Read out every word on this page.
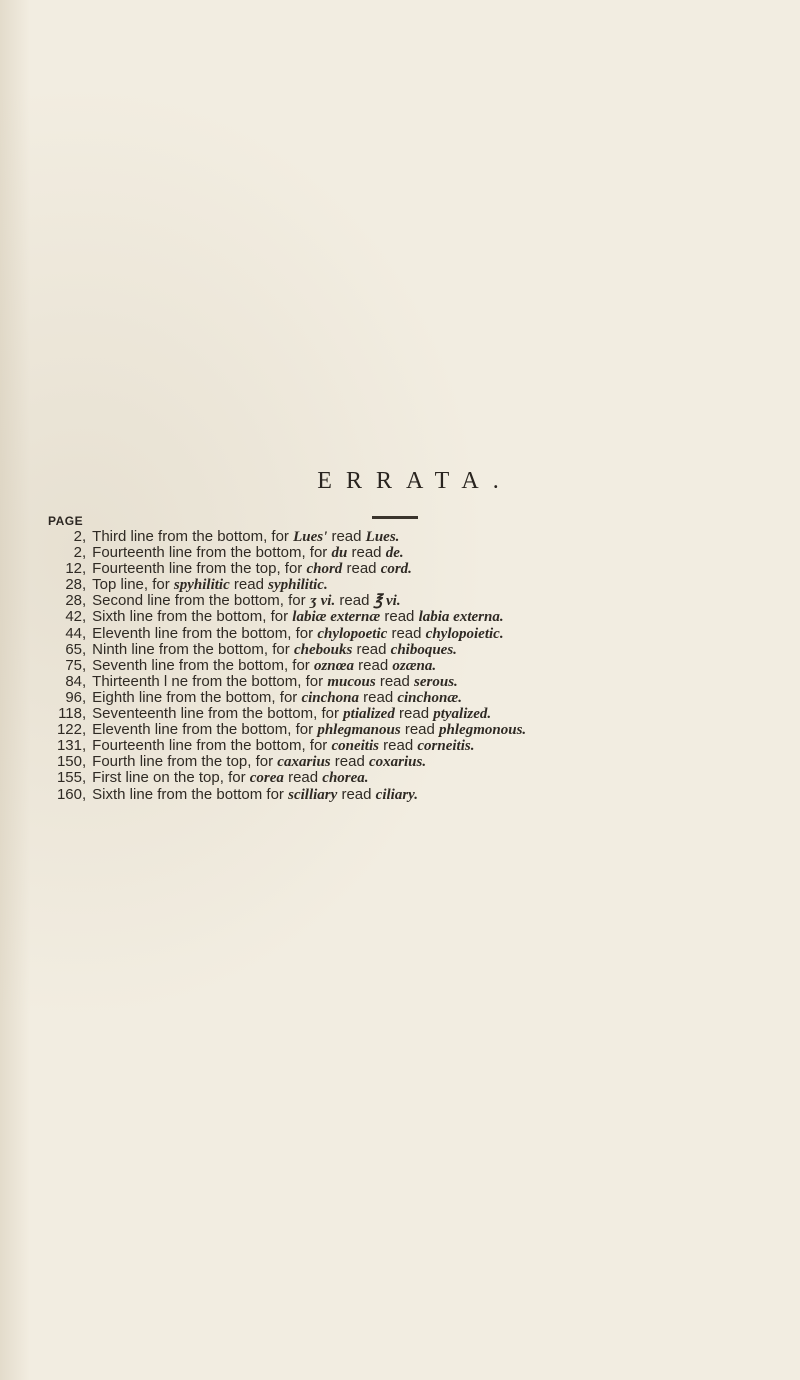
ERRATA.
PAGE
2, Third line from the bottom, for Lues' read Lues.
2, Fourteenth line from the bottom, for du read de.
12, Fourteenth line from the top, for chord read cord.
28, Top line, for spyhilitic read syphilitic.
28, Second line from the bottom, for ʒ vi. read ℥ vi.
42, Sixth line from the bottom, for labiæ externæ read labia externa.
44, Eleventh line from the bottom, for chylopoetic read chylopoietic.
65, Ninth line from the bottom, for chebouks read chiboques.
75, Seventh line from the bottom, for oznœa read ozæna.
84, Thirteenth l ne from the bottom, for mucous read serous.
96, Eighth line from the bottom, for cinchona read cinchonæ.
118, Seventeenth line from the bottom, for ptialized read ptyalized.
122, Eleventh line from the bottom, for phlegmanous read phlegmonous.
131, Fourteenth line from the bottom, for coneitis read corneitis.
150, Fourth line from the top, for caxarius read coxarius.
155, First line on the top, for corea read chorea.
160, Sixth line from the bottom for scilliary read ciliary.
